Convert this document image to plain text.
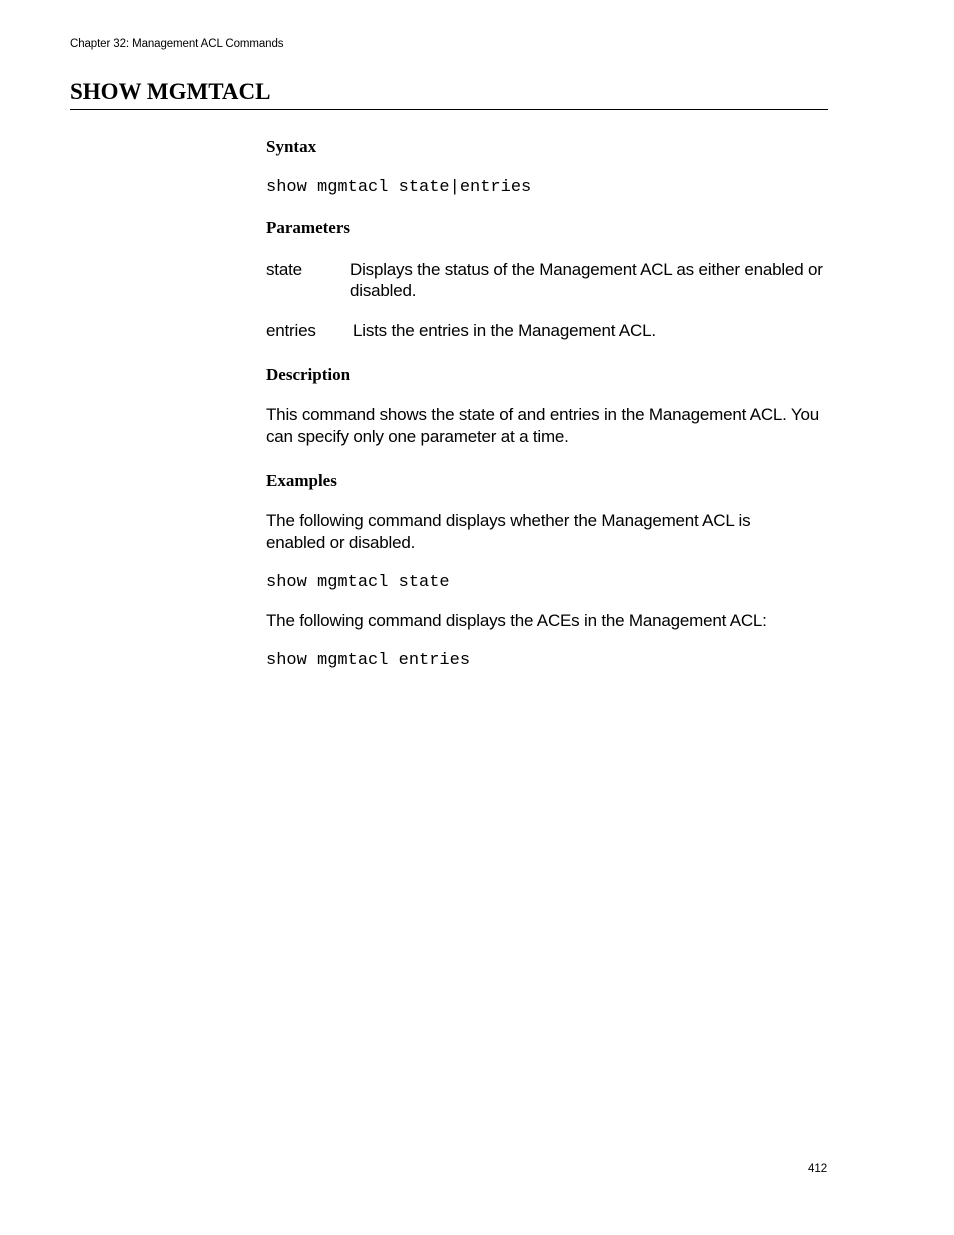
Chapter 32: Management ACL Commands
SHOW MGMTACL
Syntax
show mgmtacl state|entries
Parameters
state	Displays the status of the Management ACL as either enabled or disabled.
entries Lists the entries in the Management ACL.
Description
This command shows the state of and entries in the Management ACL. You can specify only one parameter at a time.
Examples
The following command displays whether the Management ACL is enabled or disabled.
show mgmtacl state
The following command displays the ACEs in the Management ACL:
show mgmtacl entries
412
